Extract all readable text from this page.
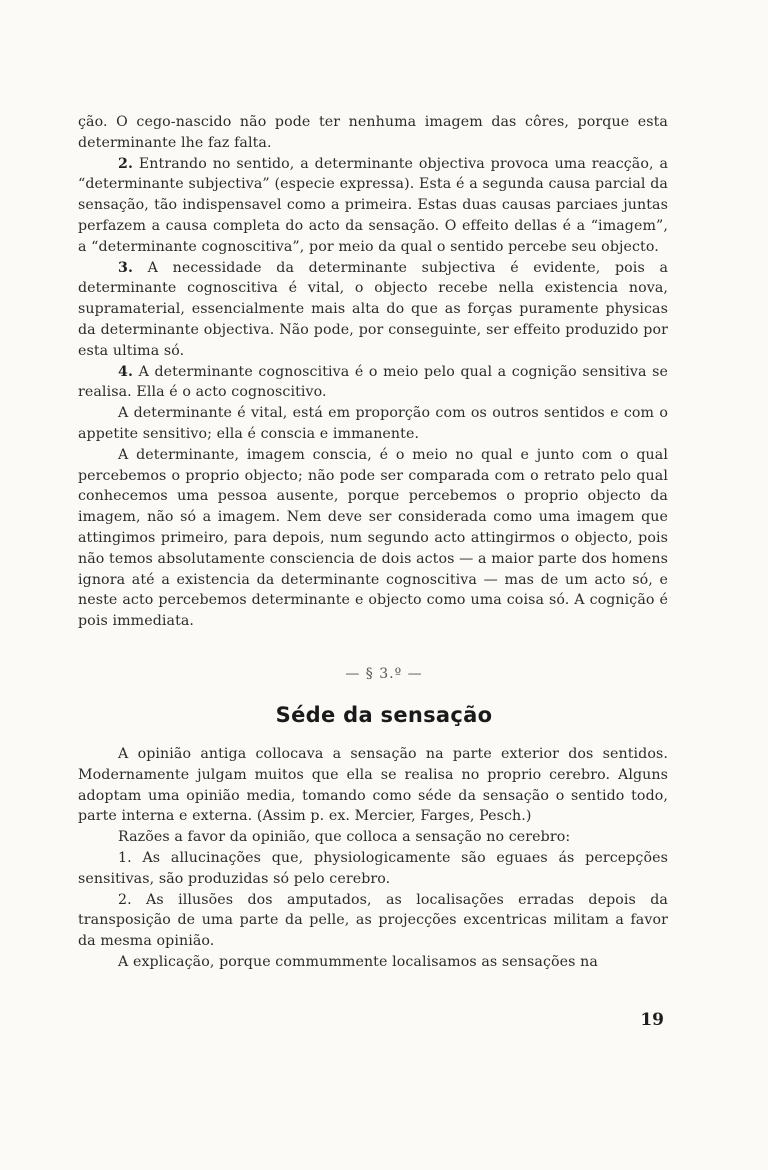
ção. O cego-nascido não pode ter nenhuma imagem das côres, porque esta determinante lhe faz falta.

2. Entrando no sentido, a determinante objectiva provoca uma reacção, a “determinante subjectiva” (especie expressa). Esta é a segunda causa parcial da sensação, tão indispensavel como a primeira. Estas duas causas parciaes juntas perfazem a causa completa do acto da sensação. O effeito dellas é a “imagem”, a “determinante cognoscitiva”, por meio da qual o sentido percebe seu objecto.

3. A necessidade da determinante subjectiva é evidente, pois a determinante cognoscitiva é vital, o objecto recebe nella existencia nova, supramaterial, essencialmente mais alta do que as forças puramente physicas da determinante objectiva. Não pode, por conseguinte, ser effeito produzido por esta ultima só.

4. A determinante cognoscitiva é o meio pelo qual a cognição sensitiva se realisa. Ella é o acto cognoscitivo.

A determinante é vital, está em proporção com os outros sentidos e com o appetite sensitivo; ella é conscia e immanente.

A determinante, imagem conscia, é o meio no qual e junto com o qual percebemos o proprio objecto; não pode ser comparada com o retrato pelo qual conhecemos uma pessoa ausente, porque percebemos o proprio objecto da imagem, não só a imagem. Nem deve ser considerada como uma imagem que attingimos primeiro, para depois, num segundo acto attingirmos o objecto, pois não temos absolutamente consciencia de dois actos — a maior parte dos homens ignora até a existencia da determinante cognoscitiva — mas de um acto só, e neste acto percebemos determinante e objecto como uma coisa só. A cognição é pois immediata.

— § 3.º —
Séde da sensação

A opinião antiga collocava a sensação na parte exterior dos sentidos. Modernamente julgam muitos que ella se realisa no proprio cerebro. Alguns adoptam uma opinião media, tomando como séde da sensação o sentido todo, parte interna e externa. (Assim p. ex. Mercier, Farges, Pesch.)

Razões a favor da opinião, que colloca a sensação no cerebro:

1. As allucinações que, physiologicamente são eguaes ás percepções sensitivas, são produzidas só pelo cerebro.

2. As illusões dos amputados, as localisações erradas depois da transposição de uma parte da pelle, as projecções excentricas militam a favor da mesma opinião.

A explicação, porque commummente localisamos as sensações na

19
